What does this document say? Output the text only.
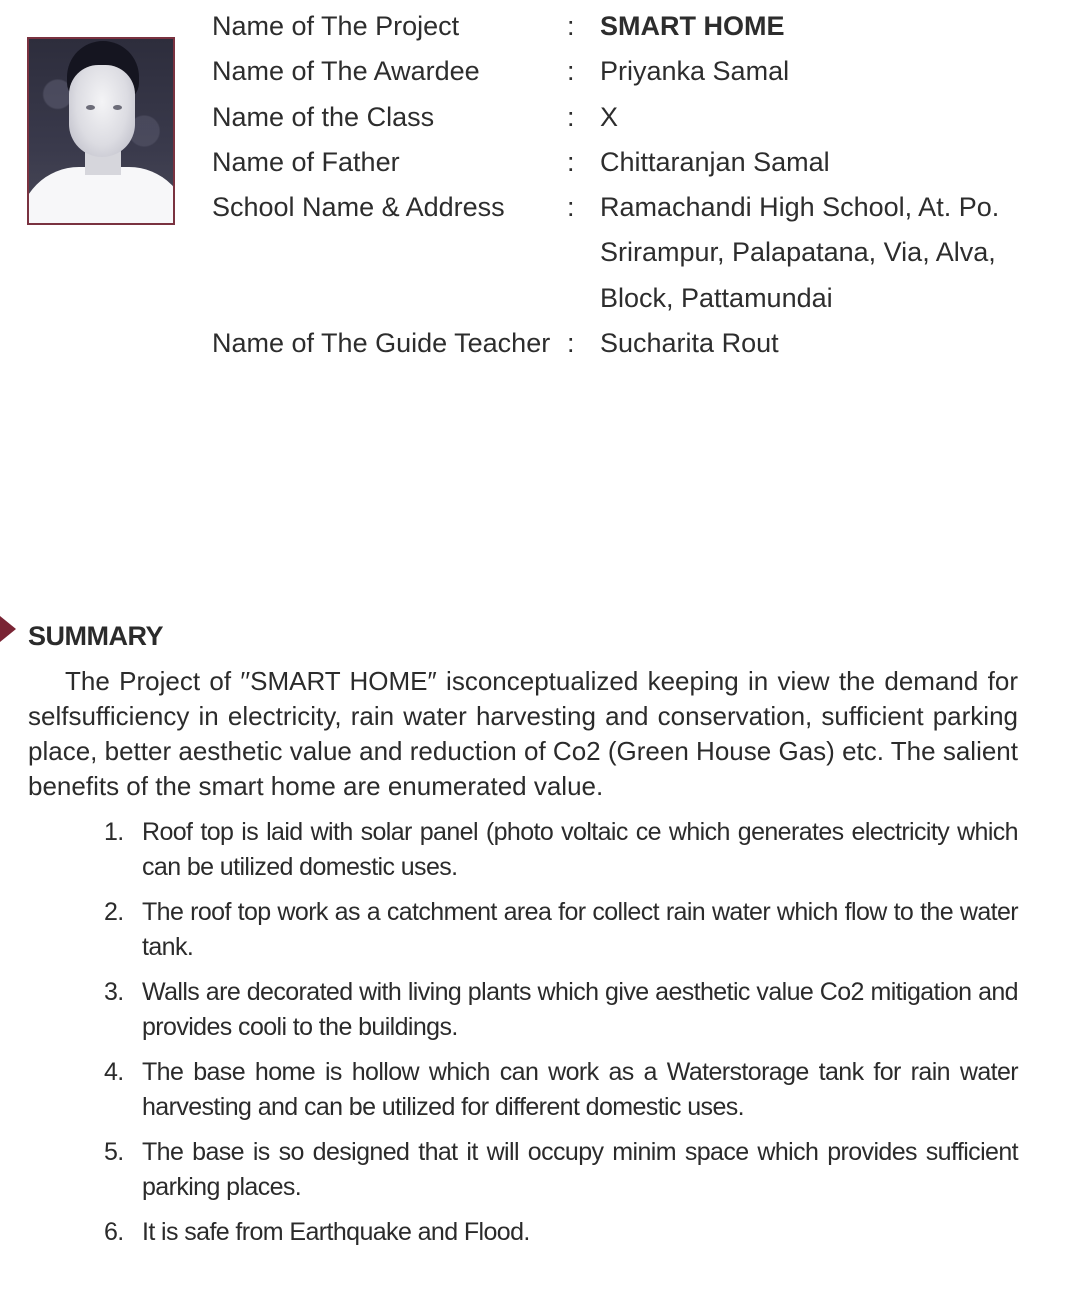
Name of The Project	: SMART HOME
Name of The Awardee	: Priyanka Samal
Name of the Class	: X
Name of Father	: Chittaranjan Samal
School Name & Address	: Ramachandi High School, At. Po.
Srirampur, Palapatana, Via, Alva,
Block, Pattamundai
Name of The Guide Teacher : Sucharita Rout
SUMMARY

The Project of ′′SMART HOME″ isconceptualized keeping in view the demand for selfsufficiency in electricity, rain water harvesting and conservation, sufficient parking place, better aesthetic value and reduction of Co2 (Green House Gas) etc. The salient benefits of the smart home are enumerated value.

1. Roof top is laid with solar panel (photo voltaic ce which generates electricity which can be utilized domestic uses.
2. The roof top work as a catchment area for collect rain water which flow to the water tank.
3. Walls are decorated with living plants which give aesthetic value Co2 mitigation and provides cooli to the buildings.
4. The base home is hollow which can work as a Waterstorage tank for rain water harvesting and can be utilized for different domestic uses.
5. The base is so designed that it will occupy minim space which provides sufficient parking places.
6. It is safe from Earthquake and Flood.
